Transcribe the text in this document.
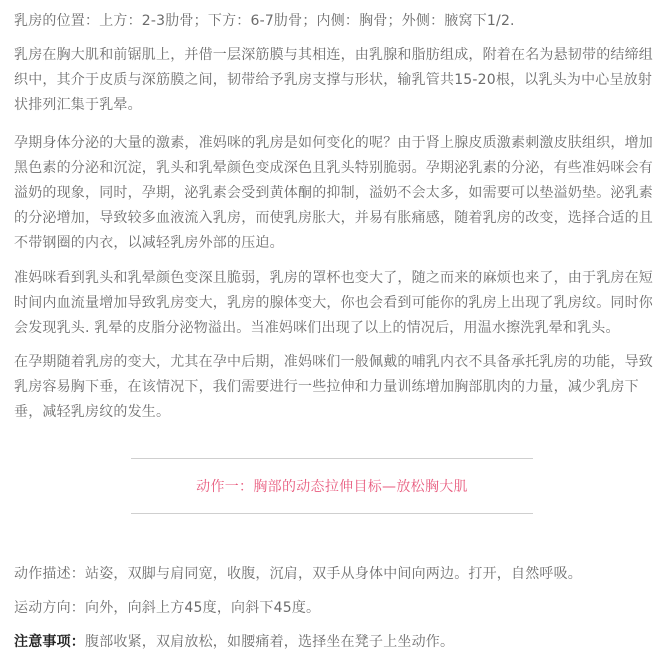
乳房的位置：上方：2-3肋骨；下方：6-7肋骨；内侧：胸骨；外侧：腋窝下1/2.

乳房在胸大肌和前锯肌上，并借一层深筋膜与其相连，由乳腺和脂肪组成，附着在名为悬韧带的结缔组织中，其介于皮质与深筋膜之间，韧带给予乳房支撑与形状，输乳管共15-20根，以乳头为中心呈放射状排列汇集于乳晕。

孕期身体分泌的大量的激素，准妈咪的乳房是如何变化的呢？由于肾上腺皮质激素刺激皮肤组织，增加黑色素的分泌和沉淀，乳头和乳晕颜色变成深色且乳头特别脆弱。孕期泌乳素的分泌，有些准妈咪会有溢奶的现象，同时，孕期，泌乳素会受到黄体酮的抑制，溢奶不会太多，如需要可以垫溢奶垫。泌乳素的分泌增加，导致较多血液流入乳房，而使乳房胀大，并易有胀痛感，随着乳房的改变，选择合适的且不带钢圈的内衣，以减轻乳房外部的压迫。

准妈咪看到乳头和乳晕颜色变深且脆弱，乳房的罩杯也变大了，随之而来的麻烦也来了，由于乳房在短时间内血流量增加导致乳房变大，乳房的腺体变大，你也会看到可能你的乳房上出现了乳房纹。同时你会发现乳头. 乳晕的皮脂分泌物溢出。当准妈咪们出现了以上的情况后，用温水擦洗乳晕和乳头。

在孕期随着乳房的变大，尤其在孕中后期，准妈咪们一般佩戴的哺乳内衣不具备承托乳房的功能，导致乳房容易胸下垂，在该情况下，我们需要进行一些拉伸和力量训练增加胸部肌肉的力量，减少乳房下垂，减轻乳房纹的发生。

动作一：胸部的动态拉伸目标—放松胸大肌

动作描述：站姿，双脚与肩同宽，收腹，沉肩，双手从身体中间向两边。打开，自然呼吸。

运动方向：向外，向斜上方45度，向斜下45度。

注意事项：腹部收紧，双肩放松，如腰痛着，选择坐在凳子上坐动作。
